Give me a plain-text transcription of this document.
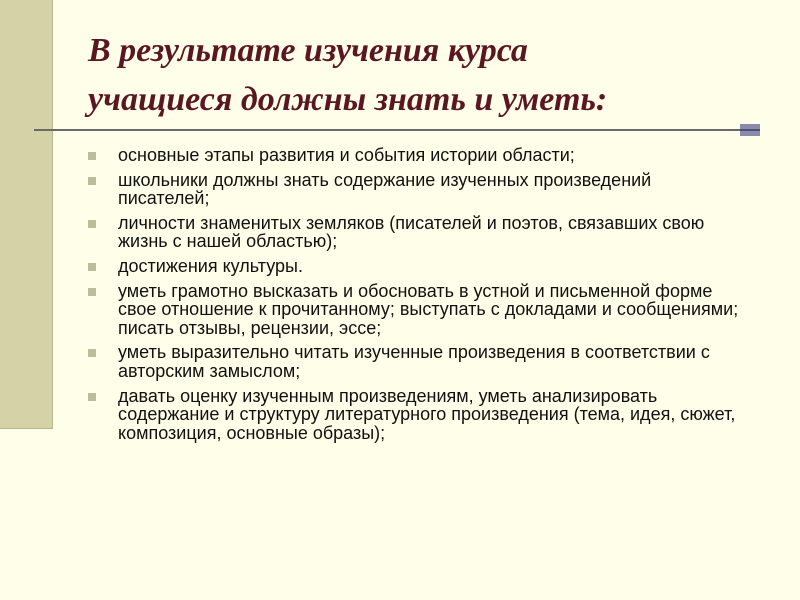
В результате изучения курса
учащиеся должны знать и уметь:
основные этапы развития и события истории области;
школьники должны знать содержание изученных произведений писателей;
личности знаменитых земляков (писателей и поэтов, связавших свою жизнь с нашей областью);
достижения культуры.
уметь грамотно высказать и обосновать в устной и письменной форме свое отношение к прочитанному; выступать с докладами и сообщениями; писать отзывы, рецензии, эссе;
уметь выразительно читать изученные произведения в соответствии с авторским замыслом;
давать оценку изученным произведениям, уметь анализировать содержание и структуру литературного произведения (тема, идея, сюжет, композиция, основные образы);
